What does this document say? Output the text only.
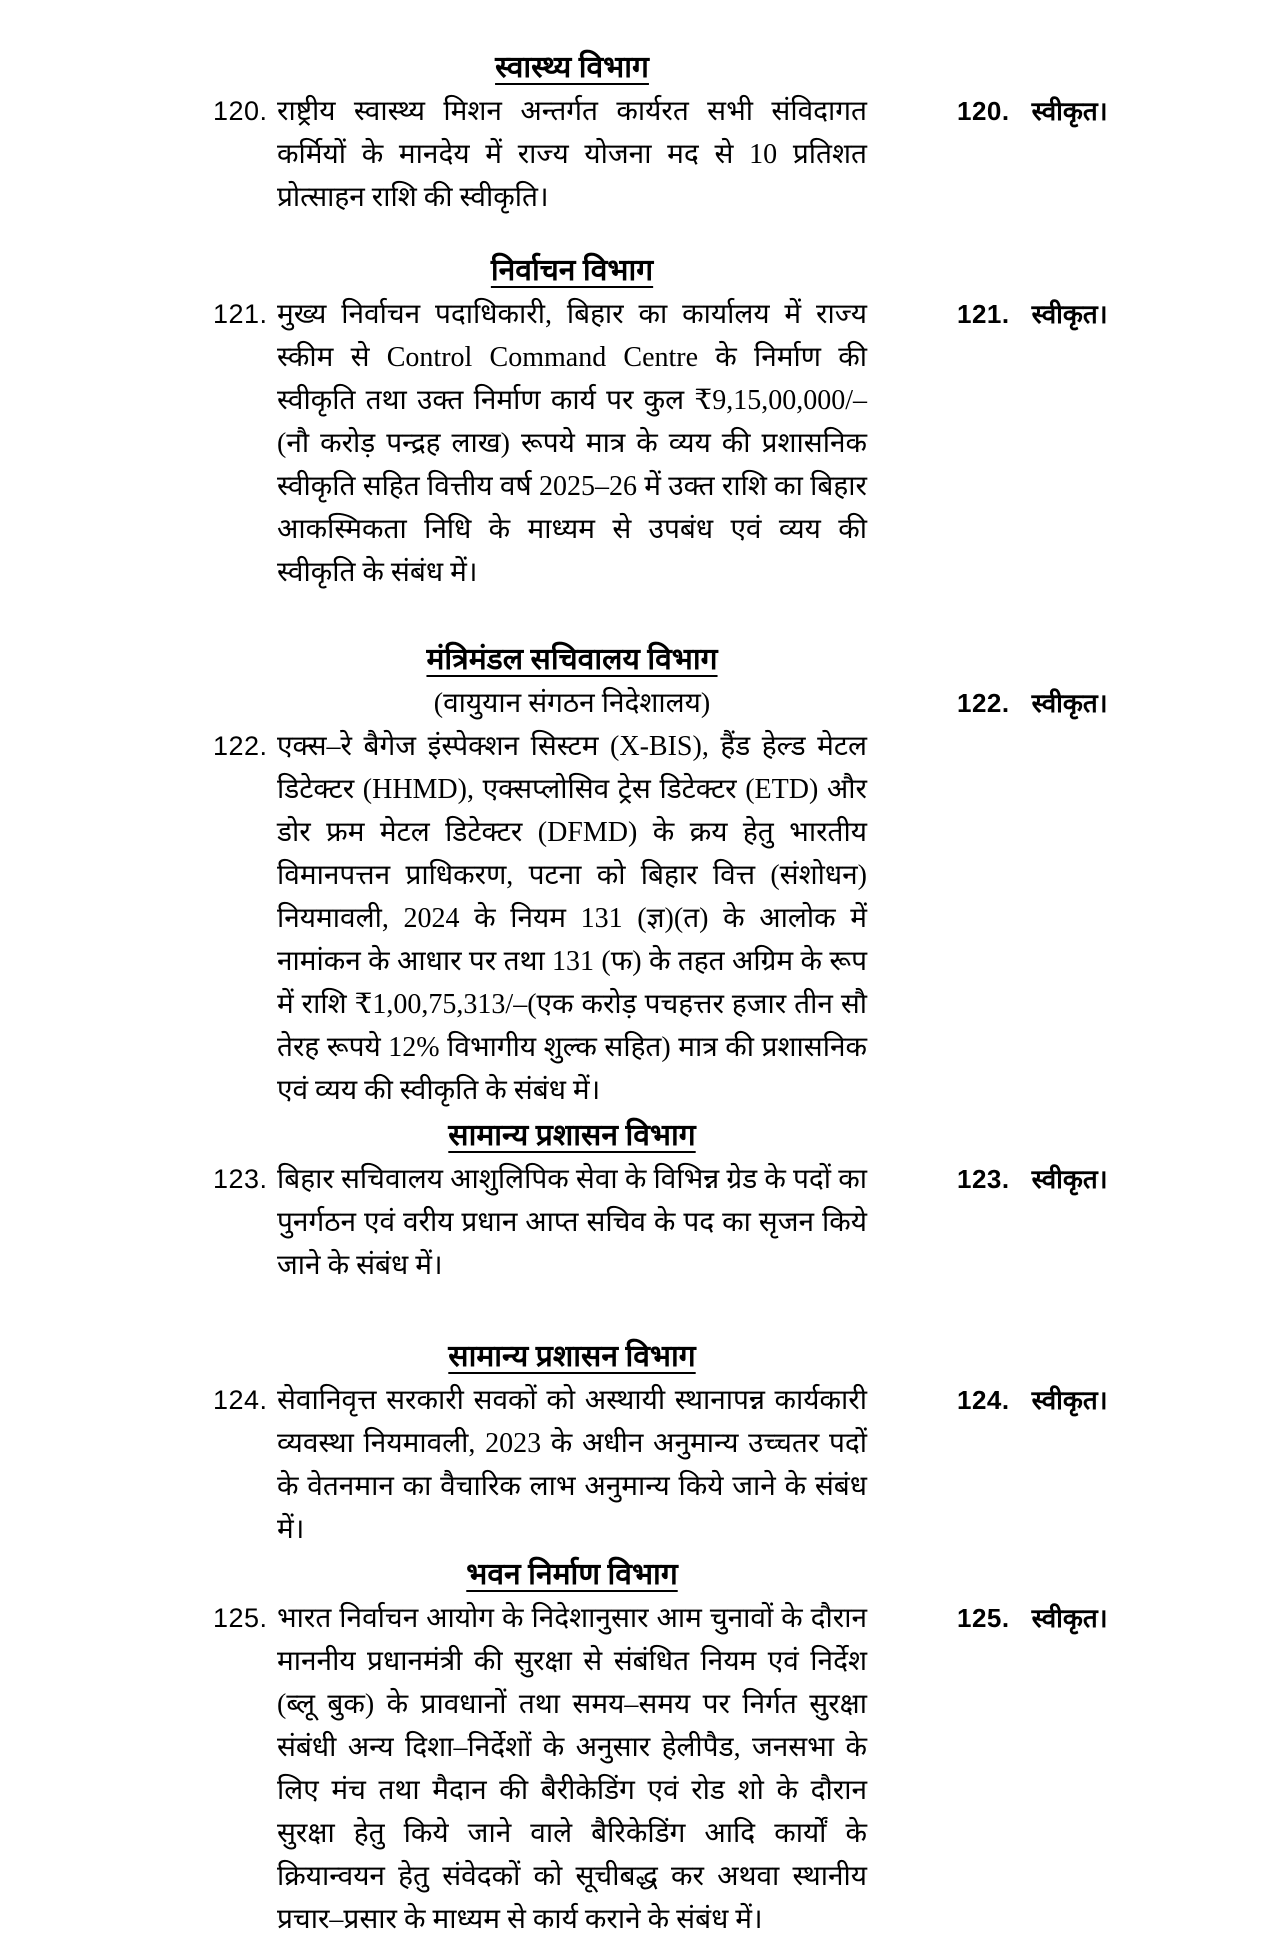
स्वास्थ्य विभाग
120. राष्ट्रीय स्वास्थ्य मिशन अन्तर्गत कार्यरत सभी संविदागत कर्मियों के मानदेय में राज्य योजना मद से 10 प्रतिशत प्रोत्साहन राशि की स्वीकृति।
120. स्वीकृत।
निर्वाचन विभाग
121. मुख्य निर्वाचन पदाधिकारी, बिहार का कार्यालय में राज्य स्कीम से Control Command Centre के निर्माण की स्वीकृति तथा उक्त निर्माण कार्य पर कुल ₹9,15,00,000/–(नौ करोड़ पन्द्रह लाख) रूपये मात्र के व्यय की प्रशासनिक स्वीकृति सहित वित्तीय वर्ष 2025–26 में उक्त राशि का बिहार आकस्मिकता निधि के माध्यम से उपबंध एवं व्यय की स्वीकृति के संबंध में।
121. स्वीकृत।
मंत्रिमंडल सचिवालय विभाग
(वायुयान संगठन निदेशालय)	122. स्वीकृत।
122. एक्स–रे बैगेज इंस्पेक्शन सिस्टम (X-BIS), हैंड हेल्ड मेटल डिटेक्टर (HHMD), एक्सप्लोसिव ट्रेस डिटेक्टर (ETD) और डोर फ्रम मेटल डिटेक्टर (DFMD) के क्रय हेतु भारतीय विमानपत्तन प्राधिकरण, पटना को बिहार वित्त (संशोधन) नियमावली, 2024 के नियम 131 (ज्ञ)(त) के आलोक में नामांकन के आधार पर तथा 131 (फ) के तहत अग्रिम के रूप में राशि ₹1,00,75,313/–(एक करोड़ पचहत्तर हजार तीन सौ तेरह रूपये 12% विभागीय शुल्क सहित) मात्र की प्रशासनिक एवं व्यय की स्वीकृति के संबंध में।
सामान्य प्रशासन विभाग
123. बिहार सचिवालय आशुलिपिक सेवा के विभिन्न ग्रेड के पदों का पुनर्गठन एवं वरीय प्रधान आप्त सचिव के पद का सृजन किये जाने के संबंध में।
123. स्वीकृत।
सामान्य प्रशासन विभाग
124. सेवानिवृत्त सरकारी सवकों को अस्थायी स्थानापन्न कार्यकारी व्यवस्था नियमावली, 2023 के अधीन अनुमान्य उच्चतर पदों के वेतनमान का वैचारिक लाभ अनुमान्य किये जाने के संबंध में।
124. स्वीकृत।
भवन निर्माण विभाग
125. भारत निर्वाचन आयोग के निदेशानुसार आम चुनावों के दौरान माननीय प्रधानमंत्री की सुरक्षा से संबंधित नियम एवं निर्देश (ब्लू बुक) के प्रावधानों तथा समय–समय पर निर्गत सुरक्षा संबंधी अन्य दिशा–निर्देशों के अनुसार हेलीपैड, जनसभा के लिए मंच तथा मैदान की बैरीकेडिंग एवं रोड शो के दौरान सुरक्षा हेतु किये जाने वाले बैरिकेडिंग आदि कार्यों के क्रियान्वयन हेतु संवेदकों को सूचीबद्ध कर अथवा स्थानीय प्रचार–प्रसार के माध्यम से कार्य कराने के संबंध में।
125. स्वीकृत।
